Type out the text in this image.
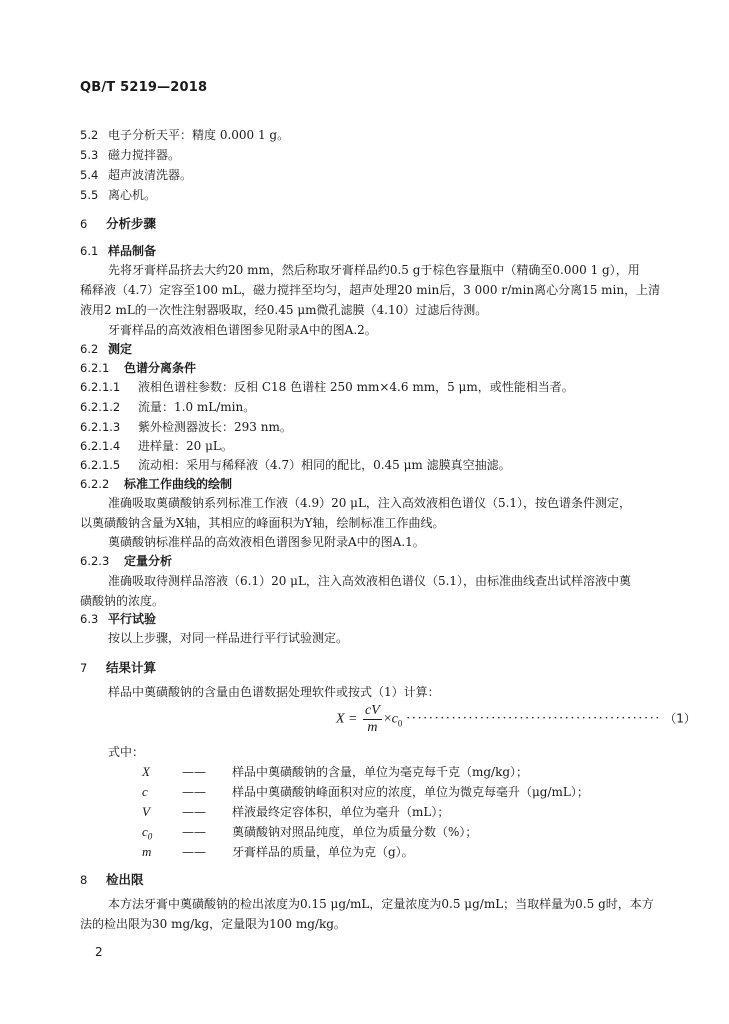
QB/T 5219—2018
5.2 电子分析天平：精度 0.000 1 g。
5.3 磁力搅拌器。
5.4 超声波清洗器。
5.5 离心机。
6 分析步骤
6.1 样品制备
先将牙膏样品挤去大约20 mm，然后称取牙膏样品约0.5 g于棕色容量瓶中（精确至0.000 1 g），用
稀释液（4.7）定容至100 mL，磁力搅拌至均匀，超声处理20 min后，3 000 r/min离心分离15 min，上清
液用2 mL的一次性注射器吸取，经0.45 μm微孔滤膜（4.10）过滤后待测。
牙膏样品的高效液相色谱图参见附录A中的图A.2。
6.2 测定
6.2.1 色谱分离条件
6.2.1.1 液相色谱柱参数：反相 C18 色谱柱 250 mm×4.6 mm，5 μm，或性能相当者。
6.2.1.2 流量：1.0 mL/min。
6.2.1.3 紫外检测器波长：293 nm。
6.2.1.4 进样量：20 μL。
6.2.1.5 流动相：采用与稀释液（4.7）相同的配比，0.45 μm 滤膜真空抽滤。
6.2.2 标准工作曲线的绘制
准确吸取薁磺酸钠系列标准工作液（4.9）20 μL，注入高效液相色谱仪（5.1），按色谱条件测定，
以薁磺酸钠含量为X轴，其相应的峰面积为Y轴，绘制标准工作曲线。
薁磺酸钠标准样品的高效液相色谱图参见附录A中的图A.1。
6.2.3 定量分析
准确吸取待测样品溶液（6.1）20 μL，注入高效液相色谱仪（5.1），由标准曲线查出试样溶液中薁
磺酸钠的浓度。
6.3 平行试验
按以上步骤，对同一样品进行平行试验测定。
7 结果计算
样品中薁磺酸钠的含量由色谱数据处理软件或按式（1）计算：
$X = \frac{cV}{m} \times c_0$ ············································· （1）
式中：
X	—— 样品中薁磺酸钠的含量，单位为毫克每千克（mg/kg）；
c	—— 样品中薁磺酸钠峰面积对应的浓度，单位为微克每毫升（μg/mL）；
V	—— 样液最终定容体积，单位为毫升（mL）；
$c_0$ —— 薁磺酸钠对照品纯度，单位为质量分数（%）；
m	—— 牙膏样品的质量，单位为克（g）。
8 检出限
本方法牙膏中薁磺酸钠的检出浓度为0.15 μg/mL，定量浓度为0.5 μg/mL；当取样量为0.5 g时，本方
法的检出限为30 mg/kg，定量限为100 mg/kg。
2
